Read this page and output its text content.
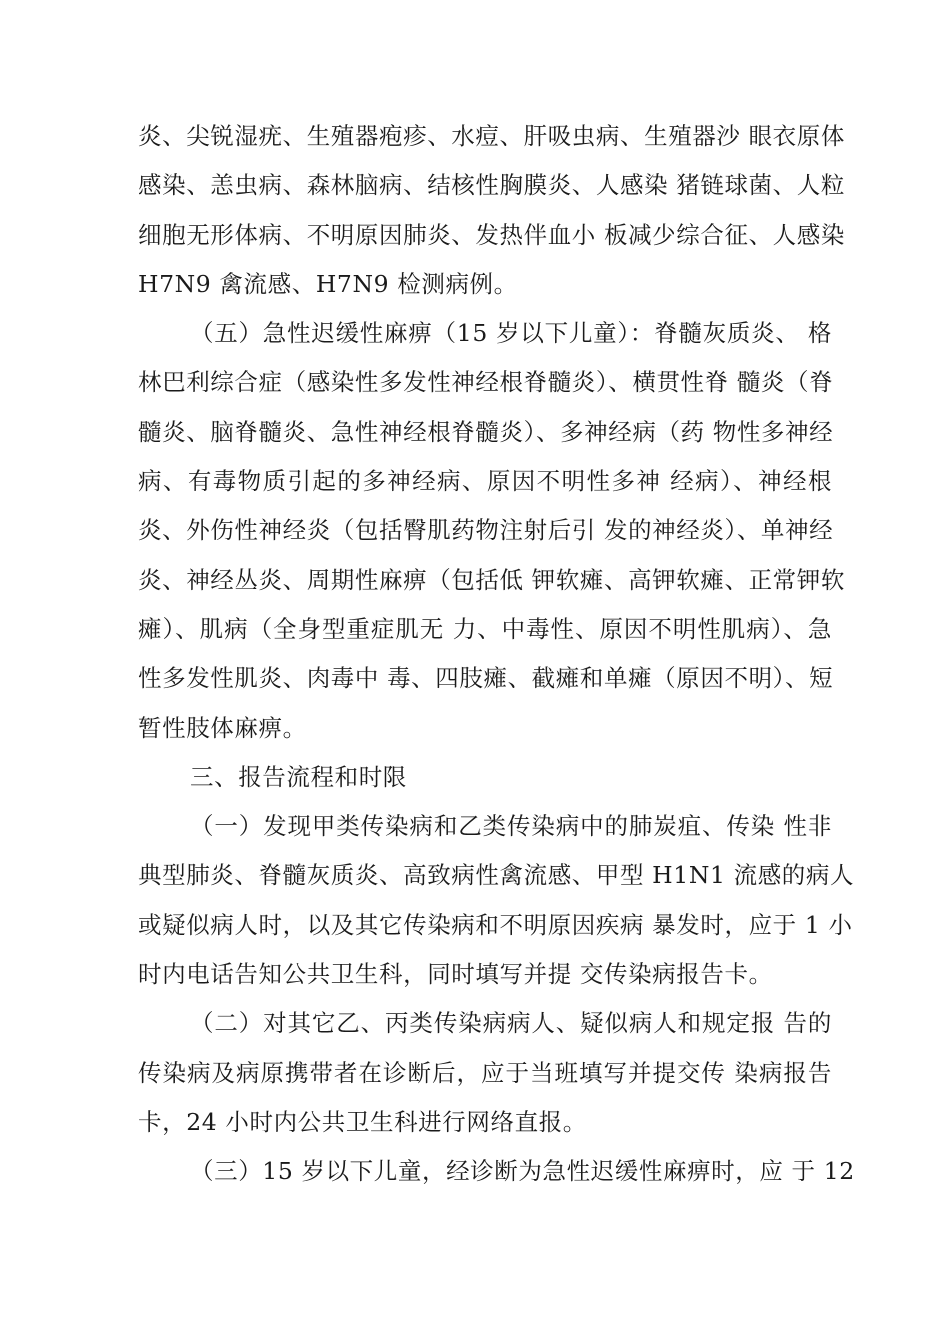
炎、尖锐湿疣、生殖器疱疹、水痘、肝吸虫病、生殖器沙 眼衣原体
感染、恙虫病、森林脑病、结核性胸膜炎、人感染 猪链球菌、人粒
细胞无形体病、不明原因肺炎、发热伴血小 板减少综合征、人感染
H7N9 禽流感、H7N9 检测病例。
（五）急性迟缓性麻痹（15 岁以下儿童）：脊髓灰质炎、 格
林巴利综合症（感染性多发性神经根脊髓炎）、横贯性脊 髓炎（脊
髓炎、脑脊髓炎、急性神经根脊髓炎）、多神经病（药 物性多神经
病、有毒物质引起的多神经病、原因不明性多神 经病）、神经根
炎、外伤性神经炎（包括臀肌药物注射后引 发的神经炎）、单神经
炎、神经丛炎、周期性麻痹（包括低 钾软瘫、高钾软瘫、正常钾软
瘫）、肌病（全身型重症肌无 力、中毒性、原因不明性肌病）、急
性多发性肌炎、肉毒中 毒、四肢瘫、截瘫和单瘫（原因不明）、短
暂性肢体麻痹。
三、报告流程和时限
（一）发现甲类传染病和乙类传染病中的肺炭疽、传染 性非
典型肺炎、脊髓灰质炎、高致病性禽流感、甲型 H1N1 流感的病人
或疑似病人时，以及其它传染病和不明原因疾病 暴发时，应于 1 小
时内电话告知公共卫生科，同时填写并提 交传染病报告卡。
（二）对其它乙、丙类传染病病人、疑似病人和规定报 告的
传染病及病原携带者在诊断后，应于当班填写并提交传 染病报告
卡，24 小时内公共卫生科进行网络直报。
（三）15 岁以下儿童，经诊断为急性迟缓性麻痹时，应 于 12
